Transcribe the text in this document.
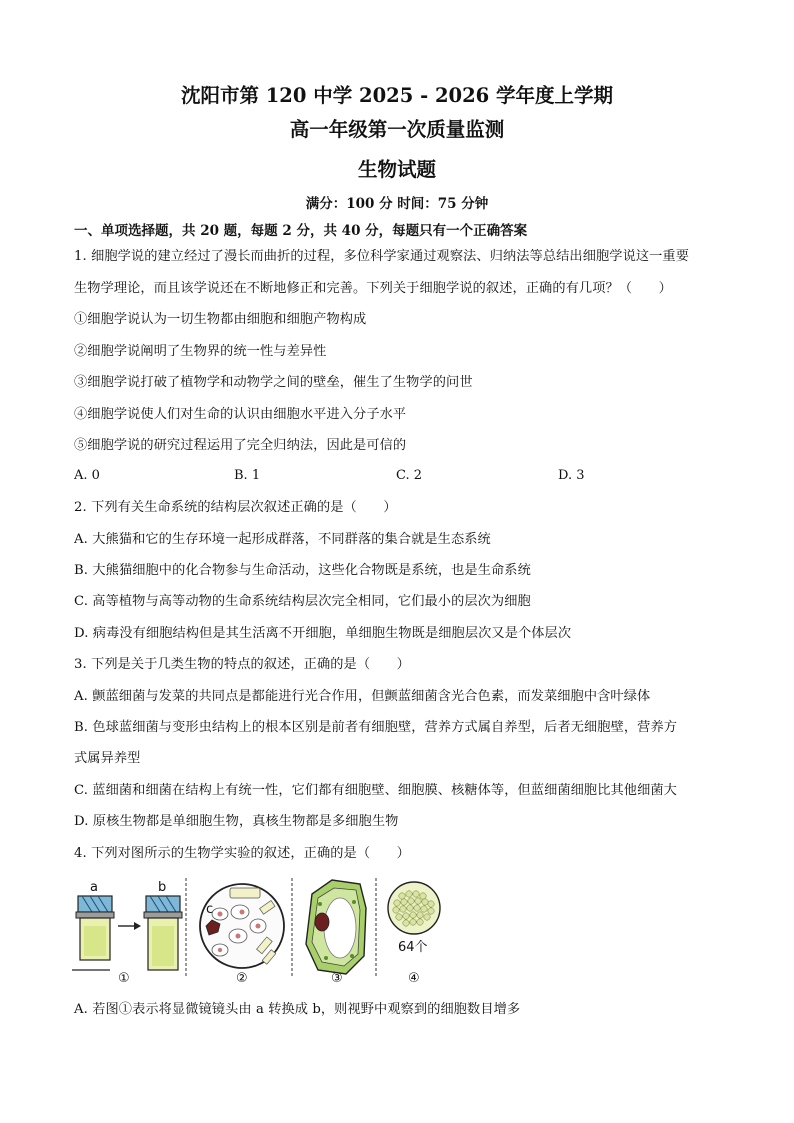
沈阳市第 120 中学 2025 - 2026 学年度上学期
高一年级第一次质量监测
生物试题
满分：100 分 时间：75 分钟
一、单项选择题，共 20 题，每题 2 分，共 40 分，每题只有一个正确答案
1. 细胞学说的建立经过了漫长而曲折的过程，多位科学家通过观察法、归纳法等总结出细胞学说这一重要
生物学理论，而且该学说还在不断地修正和完善。下列关于细胞学说的叙述，正确的有几项？（　　）
①细胞学说认为一切生物都由细胞和细胞产物构成
②细胞学说阐明了生物界的统一性与差异性
③细胞学说打破了植物学和动物学之间的壁垒，催生了生物学的问世
④细胞学说使人们对生命的认识由细胞水平进入分子水平
⑤细胞学说的研究过程运用了完全归纳法，因此是可信的
A. 0	B. 1	C. 2	D. 3
2. 下列有关生命系统的结构层次叙述正确的是（　　）
A. 大熊猫和它的生存环境一起形成群落，不同群落的集合就是生态系统
B. 大熊猫细胞中的化合物参与生命活动，这些化合物既是系统，也是生命系统
C. 高等植物与高等动物的生命系统结构层次完全相同，它们最小的层次为细胞
D. 病毒没有细胞结构但是其生活离不开细胞，单细胞生物既是细胞层次又是个体层次
3. 下列是关于几类生物的特点的叙述，正确的是（　　）
A. 颤蓝细菌与发菜的共同点是都能进行光合作用，但颤蓝细菌含光合色素，而发菜细胞中含叶绿体
B. 色球蓝细菌与变形虫结构上的根本区别是前者有细胞壁，营养方式属自养型，后者无细胞壁，营养方
式属异养型
C. 蓝细菌和细菌在结构上有统一性，它们都有细胞壁、细胞膜、核糖体等，但蓝细菌细胞比其他细菌大
D. 原核生物都是单细胞生物，真核生物都是多细胞生物
4. 下列对图所示的生物学实验的叙述，正确的是（　　）
a	b
c
64个
①	②	③	④
A. 若图①表示将显微镜镜头由 a 转换成 b，则视野中观察到的细胞数目增多
